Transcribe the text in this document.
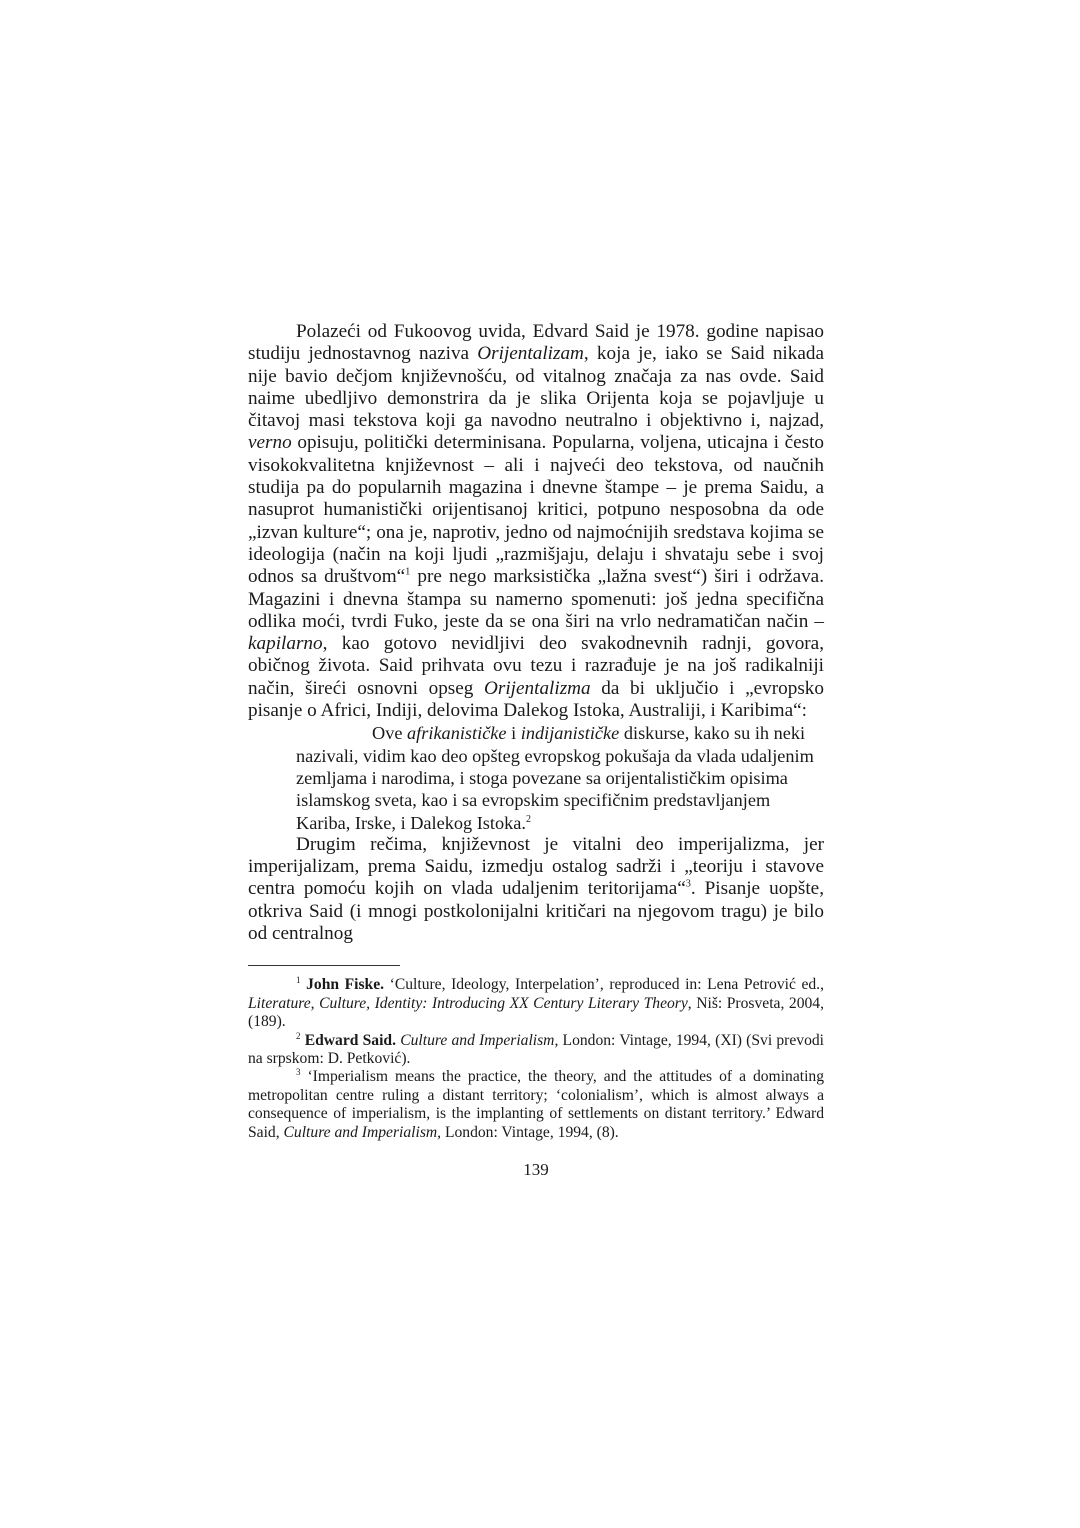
Polazeći od Fukoovog uvida, Edvard Said je 1978. godine napisao studiju jednostavnog naziva Orijentalizam, koja je, iako se Said nikada nije bavio dečjom književnošću, od vitalnog značaja za nas ovde. Said naime ubedljivo demonstrira da je slika Orijenta koja se pojavljuje u čitavoj masi tekstova koji ga navodno neutralno i objektivno i, najzad, verno opisuju, politički determinisana. Popularna, voljena, uticajna i često visokokvalitetna književnost – ali i najveći deo tekstova, od naučnih studija pa do popularnih magazina i dnevne štampe – je prema Saidu, a nasuprot humanistički orijentisanoj kritici, potpuno nesposobna da ode „izvan kulture“; ona je, naprotiv, jedno od najmoćnijih sredstava kojima se ideologija (način na koji ljudi „razmišjaju, delaju i shvataju sebe i svoj odnos sa društvom“$^1$ pre nego marksistička „lažna svest“) širi i održava. Magazini i dnevna štampa su namerno spomenuti: još jedna specifična odlika moći, tvrdi Fuko, jeste da se ona širi na vrlo nedramatičan način – kapilarno, kao gotovo nevidljivi deo svakodnevnih radnji, govora, običnog života. Said prihvata ovu tezu i razrađuje je na još radikalniji način, šireći osnovni opseg Orijentalizma da bi uključio i „evropsko pisanje o Africi, Indiji, delovima Dalekog Istoka, Australiji, i Karibima“:

Ove afrikanističke i indijanističke diskurse, kako su ih neki nazivali, vidim kao deo opšteg evropskog pokušaja da vlada udaljenim zemljama i narodima, i stoga povezane sa orijentalističkim opisima islamskog sveta, kao i sa evropskim specifičnim predstavljanjem Kariba, Irske, i Dalekog Istoka.$^2$

Drugim rečima, književnost je vitalni deo imperijalizma, jer imperijalizam, prema Saidu, izmedju ostalog sadrži i „teoriju i stavove centra pomoću kojih on vlada udaljenim teritorijama“$^3$. Pisanje uopšte, otkriva Said (i mnogi postkolonijalni kritičari na njegovom tragu) je bilo od centralnog

$^1$ John Fiske. ‘Culture, Ideology, Interpelation’, reproduced in: Lena Petrović ed., Literature, Culture, Identity: Introducing XX Century Literary Theory, Niš: Prosveta, 2004, (189).

$^2$ Edward Said. Culture and Imperialism, London: Vintage, 1994, (XI) (Svi prevodi na srpskom: D. Petković).

$^3$ ‘Imperialism means the practice, the theory, and the attitudes of a dominating metropolitan centre ruling a distant territory; ‘colonialism’, which is almost always a consequence of imperialism, is the implanting of settlements on distant territory.’ Edward Said, Culture and Imperialism, London: Vintage, 1994, (8).

139
